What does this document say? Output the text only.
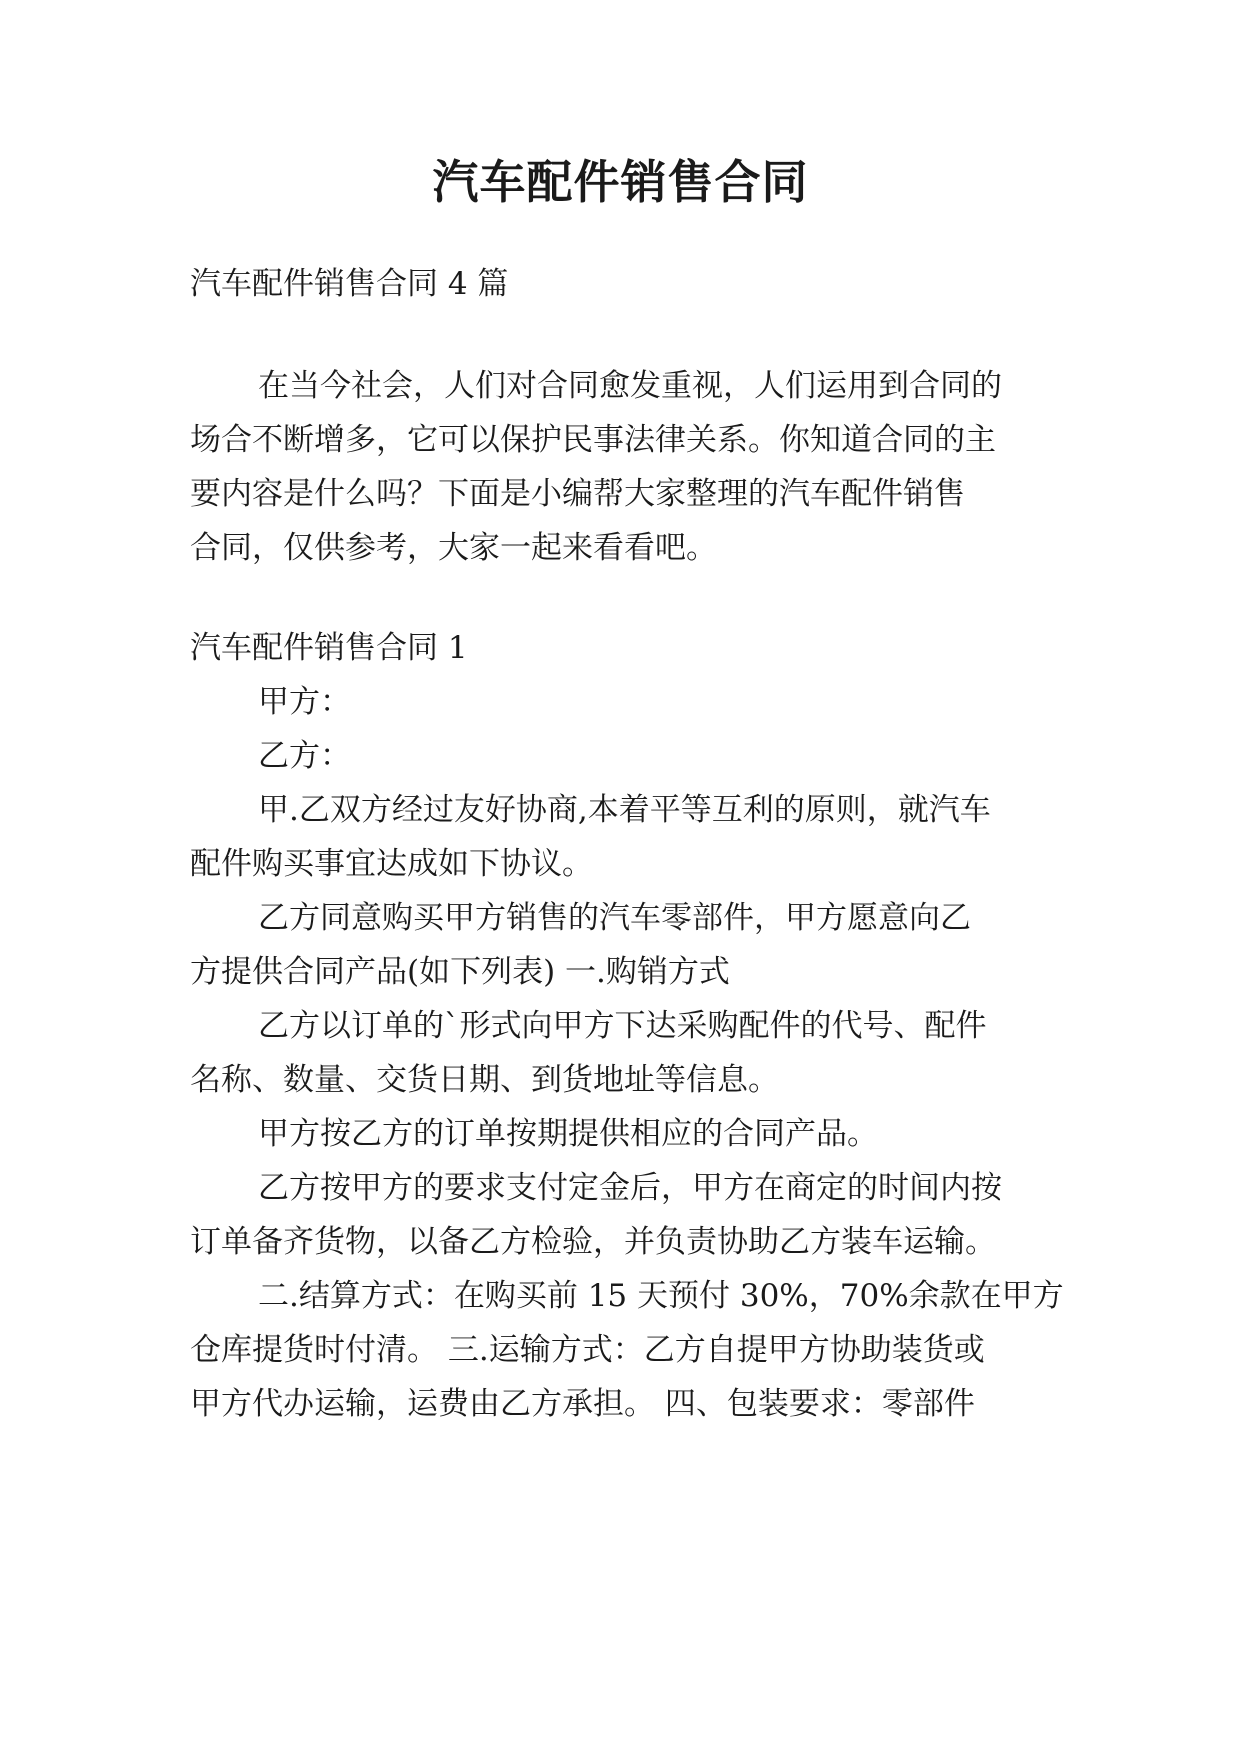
汽车配件销售合同
汽车配件销售合同 4 篇
在当今社会，人们对合同愈发重视，人们运用到合同的
场合不断增多，它可以保护民事法律关系。你知道合同的主
要内容是什么吗？下面是小编帮大家整理的汽车配件销售
合同，仅供参考，大家一起来看看吧。
汽车配件销售合同 1
甲方：
乙方：
甲.乙双方经过友好协商,本着平等互利的原则，就汽车
配件购买事宜达成如下协议。
乙方同意购买甲方销售的汽车零部件，甲方愿意向乙
方提供合同产品(如下列表) 一.购销方式
乙方以订单的`形式向甲方下达采购配件的代号、配件
名称、数量、交货日期、到货地址等信息。
甲方按乙方的订单按期提供相应的合同产品。
乙方按甲方的要求支付定金后，甲方在商定的时间内按
订单备齐货物，以备乙方检验，并负责协助乙方装车运输。
二.结算方式：在购买前 15 天预付 30%，70%余款在甲方
仓库提货时付清。 三.运输方式：乙方自提甲方协助装货或
甲方代办运输，运费由乙方承担。 四、包装要求：零部件
